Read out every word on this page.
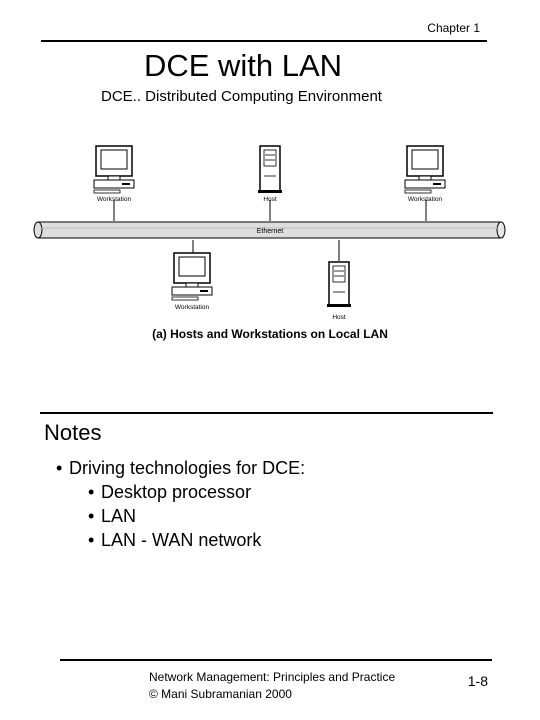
Chapter 1
DCE with LAN
DCE.. Distributed Computing Environment
Ethernet
Workstation	Host	Workstation
Workstation
Host
(a) Hosts and Workstations on Local LAN
Notes
• Driving technologies for DCE:
• Desktop processor
• LAN
• LAN - WAN network
Network Management: Principles and Practice
© Mani Subramanian 2000
1-8
